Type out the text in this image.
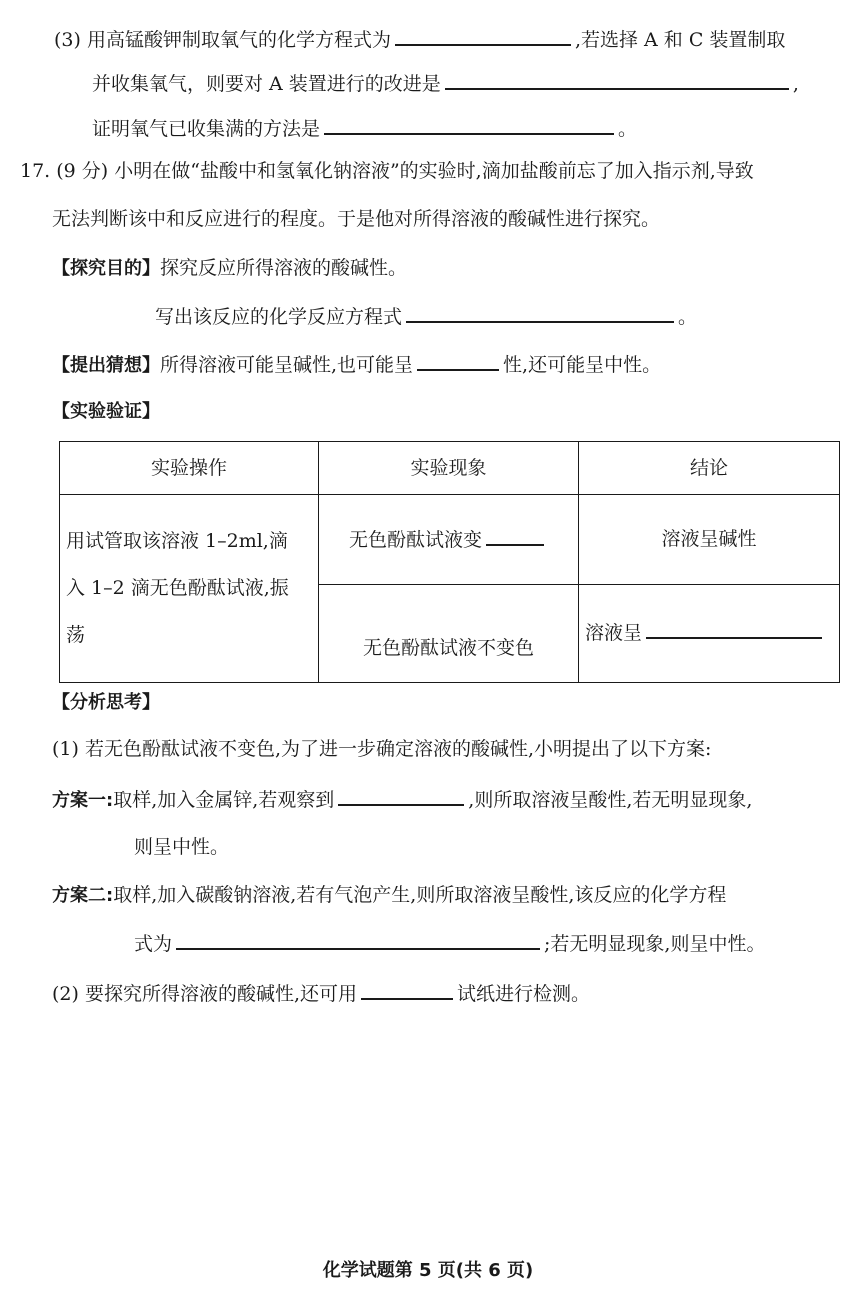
(3) 用高锰酸钾制取氧气的化学方程式为	,若选择 A 和 C 装置制取
并收集氧气，则要对 A 装置进行的改进是	,
证明氧气已收集满的方法是	。
17. (9 分) 小明在做“盐酸中和氢氧化钠溶液”的实验时,滴加盐酸前忘了加入指示剂,导致
无法判断该中和反应进行的程度。于是他对所得溶液的酸碱性进行探究。
【探究目的】探究反应所得溶液的酸碱性。
写出该反应的化学反应方程式	。
【提出猜想】所得溶液可能呈碱性,也可能呈	性,还可能呈中性。
【实验验证】
实验操作	实验现象	结论

用试管取该溶液 1–2ml,滴
入 1–2 滴无色酚酞试液,振
荡	无色酚酞试液变	溶液呈碱性
	无色酚酞试液不变色	溶液呈
【分析思考】
(1) 若无色酚酞试液不变色,为了进一步确定溶液的酸碱性,小明提出了以下方案:
方案一:取样,加入金属锌,若观察到	,则所取溶液呈酸性,若无明显现象,
则呈中性。
方案二:取样,加入碳酸钠溶液,若有气泡产生,则所取溶液呈酸性,该反应的化学方程
式为	;若无明显现象,则呈中性。
(2) 要探究所得溶液的酸碱性,还可用	试纸进行检测。
化学试题第 5 页(共 6 页)
